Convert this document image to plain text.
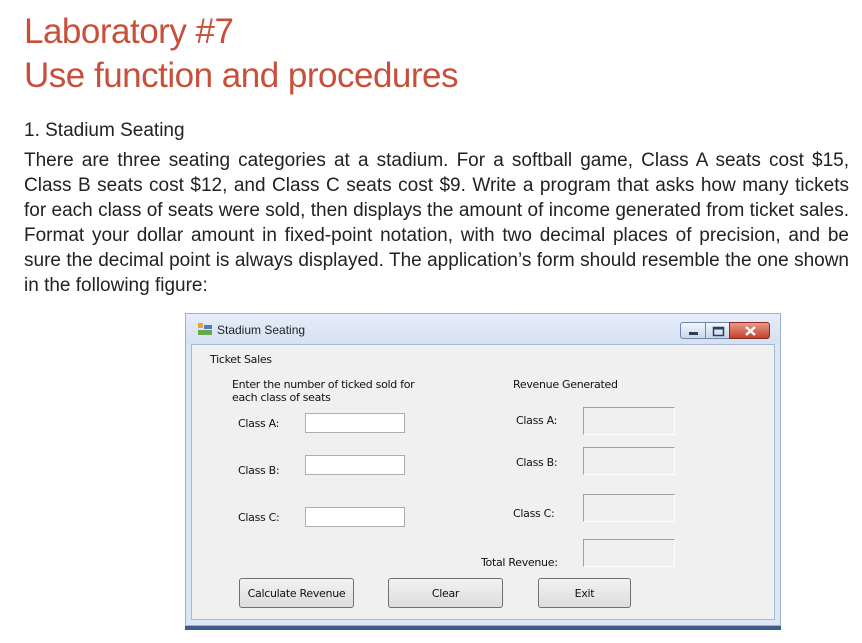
Laboratory #7
Use function and procedures
1. Stadium Seating
There are three seating categories at a stadium. For a softball game, Class A seats cost $15, Class B seats cost $12, and Class C seats cost $9. Write a program that asks how many tickets for each class of seats were sold, then displays the amount of income generated from ticket sales. Format your dollar amount in fixed-point notation, with two decimal places of precision, and be sure the decimal point is always displayed. The application’s form should resemble the one shown in the following figure:
Stadium Seating
Ticket Sales
Enter the number of ticked sold for
each class of seats
Class A:
Class B:
Class C:
Revenue Generated
Class A:
Class B:
Class C:
Total Revenue:
Calculate Revenue	Clear	Exit
